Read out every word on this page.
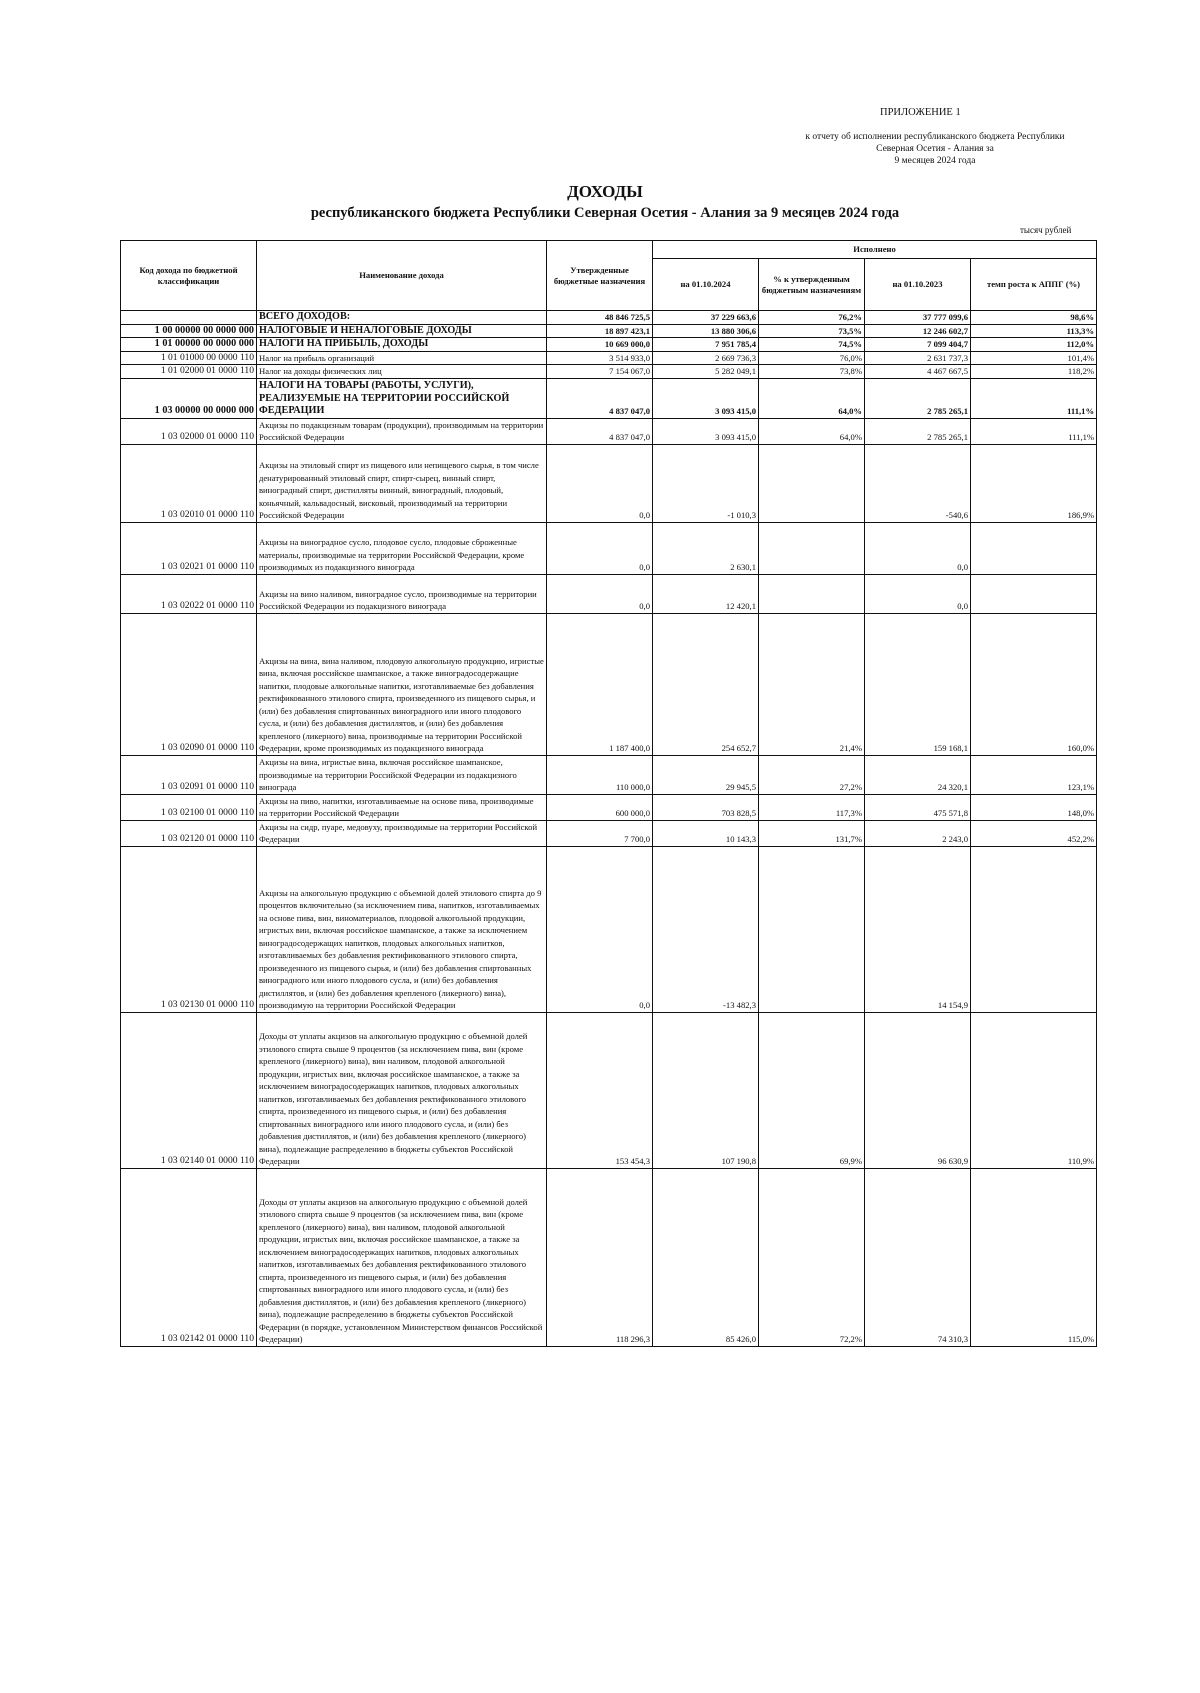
ПРИЛОЖЕНИЕ 1
к отчету об исполнении республиканского бюджета Республики
Северная Осетия - Алания за
9 месяцев 2024 года
ДОХОДЫ
республиканского бюджета Республики Северная Осетия - Алания за 9 месяцев 2024 года
тысяч рублей
Код дохода по бюджетной классификации	Наименование дохода	Утвержденные бюджетные назначения	Исполнено			
			на 01.10.2024	% к утвержденным бюджетным назначениям	на 01.10.2023	темп роста к АППГ (%)
	ВСЕГО ДОХОДОВ:	48 846 725,5	37 229 663,6	76,2%	37 777 099,6	98,6%
1 00 00000 00 0000 000	НАЛОГОВЫЕ И НЕНАЛОГОВЫЕ ДОХОДЫ	18 897 423,1	13 880 306,6	73,5%	12 246 602,7	113,3%
1 01 00000 00 0000 000	НАЛОГИ НА ПРИБЫЛЬ, ДОХОДЫ	10 669 000,0	7 951 785,4	74,5%	7 099 404,7	112,0%
1 01 01000 00 0000 110	Налог на прибыль организаций	3 514 933,0	2 669 736,3	76,0%	2 631 737,3	101,4%
1 01 02000 01 0000 110	Налог на доходы физических лиц	7 154 067,0	5 282 049,1	73,8%	4 467 667,5	118,2%
1 03 00000 00 0000 000	НАЛОГИ НА ТОВАРЫ (РАБОТЫ, УСЛУГИ), РЕАЛИЗУЕМЫЕ НА ТЕРРИТОРИИ РОССИЙСКОЙ ФЕДЕРАЦИИ	4 837 047,0	3 093 415,0	64,0%	2 785 265,1	111,1%
1 03 02000 01 0000 110	Акцизы по подакцизным товарам (продукции), производимым на территории Российской Федерации	4 837 047,0	3 093 415,0	64,0%	2 785 265,1	111,1%
1 03 02010 01 0000 110	Акцизы на этиловый спирт из пищевого или непищевого сырья, в том числе денатурированный этиловый спирт, спирт-сырец, винный спирт, виноградный спирт, дистилляты винный, виноградный, плодовый, коньячный, кальвадосный, висковый, производимый на территории Российской Федерации	0,0	-1 010,3		-540,6	186,9%
1 03 02021 01 0000 110	Акцизы на виноградное сусло, плодовое сусло, плодовые сброженные материалы, производимые на территории Российской Федерации, кроме производимых из подакцизного винограда	0,0	2 630,1		0,0	
1 03 02022 01 0000 110	Акцизы на вино наливом, виноградное сусло, производимые на территории Российской Федерации из подакцизного винограда	0,0	12 420,1		0,0	
1 03 02090 01 0000 110	Акцизы на вина, вина наливом, плодовую алкогольную продукцию, игристые вина, включая российское шампанское, а также виноградосодержащие напитки, плодовые алкогольные напитки, изготавливаемые без добавления ректификованного этилового спирта, произведенного из пищевого сырья, и (или) без добавления спиртованных виноградного или иного плодового сусла, и (или) без добавления дистиллятов, и (или) без добавления крепленого (ликерного) вина, производимые на территории Российской Федерации, кроме производимых из подакцизного винограда	1 187 400,0	254 652,7	21,4%	159 168,1	160,0%
1 03 02091 01 0000 110	Акцизы на вина, игристые вина, включая российское шампанское, производимые на территории Российской Федерации из подакцизного винограда	110 000,0	29 945,5	27,2%	24 320,1	123,1%
1 03 02100 01 0000 110	Акцизы на пиво, напитки, изготавливаемые на основе пива, производимые на территории Российской Федерации	600 000,0	703 828,5	117,3%	475 571,8	148,0%
1 03 02120 01 0000 110	Акцизы на сидр, пуаре, медовуху, производимые на территории Российской Федерации	7 700,0	10 143,3	131,7%	2 243,0	452,2%
1 03 02130 01 0000 110	Акцизы на алкогольную продукцию с объемной долей этилового спирта до 9 процентов включительно (за исключением пива, напитков, изготавливаемых на основе пива, вин, виноматериалов, плодовой алкогольной продукции, игристых вин, включая российское шампанское, а также за исключением виноградосодержащих напитков, плодовых алкогольных напитков, изготавливаемых без добавления ректификованного этилового спирта, произведенного из пищевого сырья, и (или) без добавления спиртованных виноградного или иного плодового сусла, и (или) без добавления дистиллятов, и (или) без добавления крепленого (ликерного) вина), производимую на территории Российской Федерации	0,0	-13 482,3		14 154,9	
1 03 02140 01 0000 110	Доходы от уплаты акцизов на алкогольную продукцию с объемной долей этилового спирта свыше 9 процентов (за исключением пива, вин (кроме крепленого (ликерного) вина), вин наливом, плодовой алкогольной продукции, игристых вин, включая российское шампанское, а также за исключением виноградосодержащих напитков, плодовых алкогольных напитков, изготавливаемых без добавления ректификованного этилового спирта, произведенного из пищевого сырья, и (или) без добавления спиртованных виноградного или иного плодового сусла, и (или) без добавления дистиллятов, и (или) без добавления крепленого (ликерного) вина), подлежащие распределению в бюджеты субъектов Российской Федерации	153 454,3	107 190,8	69,9%	96 630,9	110,9%
1 03 02142 01 0000 110	Доходы от уплаты акцизов на алкогольную продукцию с объемной долей этилового спирта свыше 9 процентов (за исключением пива, вин (кроме крепленого (ликерного) вина), вин наливом, плодовой алкогольной продукции, игристых вин, включая российское шампанское, а также за исключением виноградосодержащих напитков, плодовых алкогольных напитков, изготавливаемых без добавления ректификованного этилового спирта, произведенного из пищевого сырья, и (или) без добавления спиртованных виноградного или иного плодового сусла, и (или) без добавления дистиллятов, и (или) без добавления крепленого (ликерного) вина), подлежащие распределению в бюджеты субъектов Российской Федерации (в порядке, установленном Министерством финансов Российской Федерации)	118 296,3	85 426,0	72,2%	74 310,3	115,0%
